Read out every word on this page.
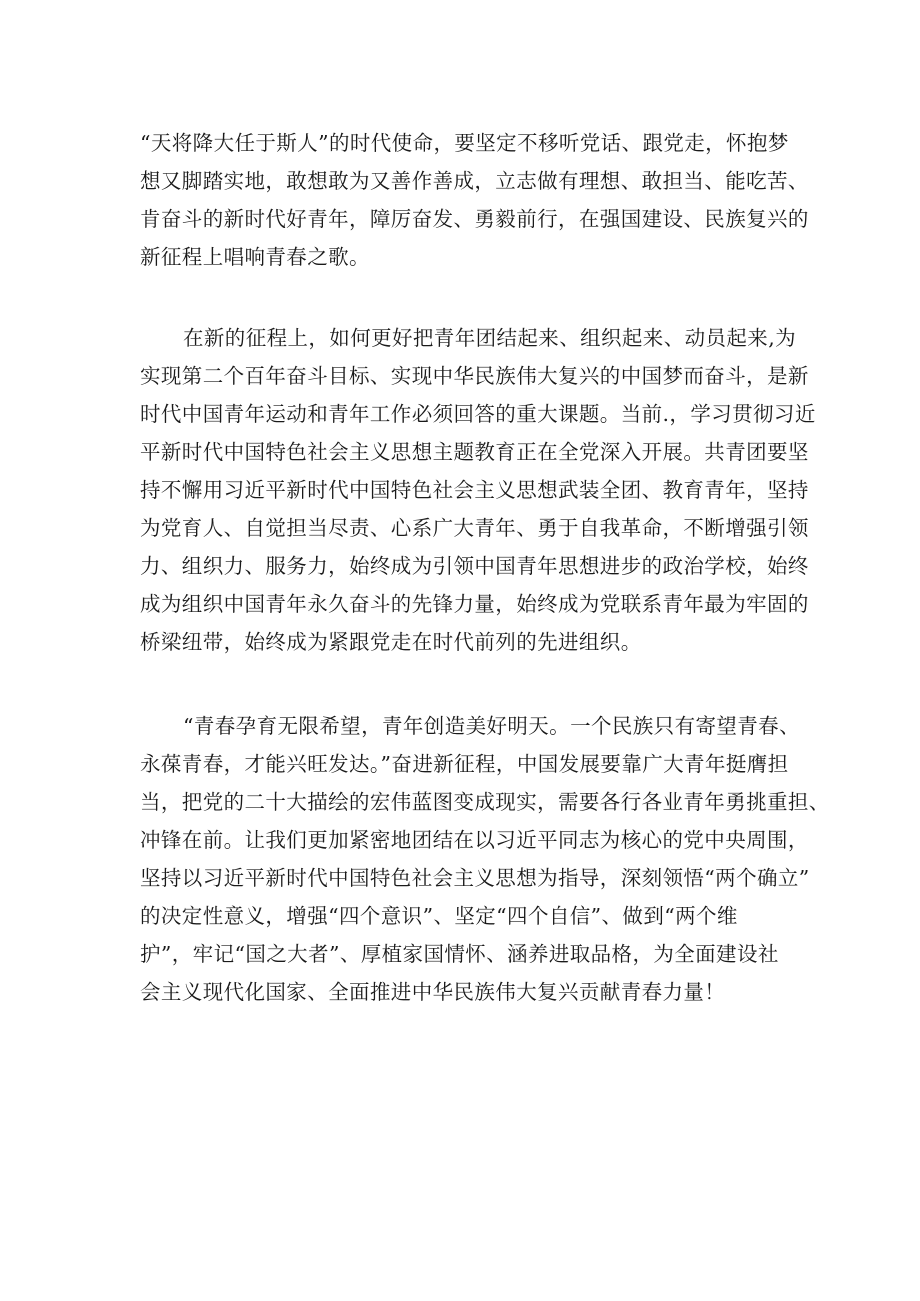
“天将降大任于斯人”的时代使命，要坚定不移听党话、跟党走，怀抱梦
想又脚踏实地，敢想敢为又善作善成，立志做有理想、敢担当、能吃苦、
肯奋斗的新时代好青年，障厉奋发、勇毅前行，在强国建设、民族复兴的
新征程上唱响青春之歌。
在新的征程上，如何更好把青年团结起来、组织起来、动员起来,为
实现第二个百年奋斗目标、实现中华民族伟大复兴的中国梦而奋斗，是新
时代中国青年运动和青年工作必须回答的重大课题。当前.，学习贯彻习近
平新时代中国特色社会主义思想主题教育正在全党深入开展。共青团要坚
持不懈用习近平新时代中国特色社会主义思想武装全团、教育青年，坚持
为党育人、自觉担当尽责、心系广大青年、勇于自我革命，不断增强引领
力、组织力、服务力，始终成为引领中国青年思想进步的政治学校，始终
成为组织中国青年永久奋斗的先锋力量，始终成为党联系青年最为牢固的
桥梁纽带，始终成为紧跟党走在时代前列的先进组织。
“青春孕育无限希望，青年创造美好明天。一个民族只有寄望青春、
永葆青春，才能兴旺发达。”奋进新征程，中国发展要靠广大青年挺膺担
当，把党的二十大描绘的宏伟蓝图变成现实，需要各行各业青年勇挑重担、
冲锋在前。让我们更加紧密地团结在以习近平同志为核心的党中央周围，
坚持以习近平新时代中国特色社会主义思想为指导，深刻领悟“两个确立”
的决定性意义，增强“四个意识”、坚定“四个自信”、做到“两个维
护”，牢记“国之大者”、厚植家国情怀、涵养进取品格，为全面建设社
会主义现代化国家、全面推进中华民族伟大复兴贡献青春力量！
